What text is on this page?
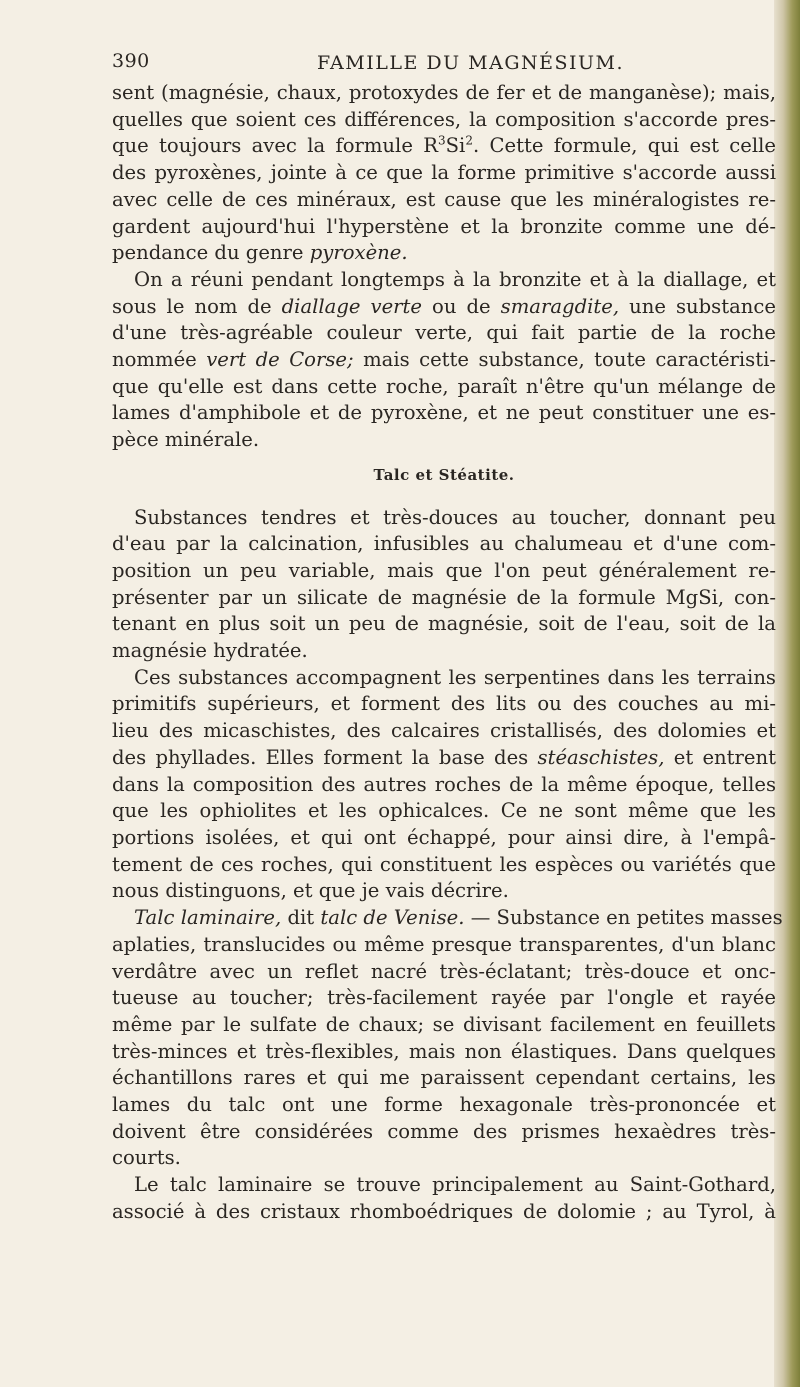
390	FAMILLE DU MAGNÉSIUM.
sent (magnésie, chaux, protoxydes de fer et de manganèse); mais,
quelles que soient ces différences, la composition s'accorde pres-
que toujours avec la formule $R^3Si^2$. Cette formule, qui est celle
des pyroxènes, jointe à ce que la forme primitive s'accorde aussi
avec celle de ces minéraux, est cause que les minéralogistes re-
gardent aujourd'hui l'hyperstène et la bronzite comme une dé-
pendance du genre pyroxène.
On a réuni pendant longtemps à la bronzite et à la diallage, et
sous le nom de diallage verte ou de smaragdite, une substance
d'une très-agréable couleur verte, qui fait partie de la roche
nommée vert de Corse; mais cette substance, toute caractéristi-
que qu'elle est dans cette roche, paraît n'être qu'un mélange de
lames d'amphibole et de pyroxène, et ne peut constituer une es-
pèce minérale.
Talc et Stéatite.
Substances tendres et très-douces au toucher, donnant peu
d'eau par la calcination, infusibles au chalumeau et d'une com-
position un peu variable, mais que l'on peut généralement re-
présenter par un silicate de magnésie de la formule MgSi, con-
tenant en plus soit un peu de magnésie, soit de l'eau, soit de la
magnésie hydratée.
Ces substances accompagnent les serpentines dans les terrains
primitifs supérieurs, et forment des lits ou des couches au mi-
lieu des micaschistes, des calcaires cristallisés, des dolomies et
des phyllades. Elles forment la base des stéaschistes, et entrent
dans la composition des autres roches de la même époque, telles
que les ophiolites et les ophicalces. Ce ne sont même que les
portions isolées, et qui ont échappé, pour ainsi dire, à l'empâ-
tement de ces roches, qui constituent les espèces ou variétés que
nous distinguons, et que je vais décrire.
Talc laminaire, dit talc de Venise. — Substance en petites masses
aplaties, translucides ou même presque transparentes, d'un blanc
verdâtre avec un reflet nacré très-éclatant; très-douce et onc-
tueuse au toucher; très-facilement rayée par l'ongle et rayée
même par le sulfate de chaux; se divisant facilement en feuillets
très-minces et très-flexibles, mais non élastiques. Dans quelques
échantillons rares et qui me paraissent cependant certains, les
lames du talc ont une forme hexagonale très-prononcée et
doivent être considérées comme des prismes hexaèdres très-
courts.
Le talc laminaire se trouve principalement au Saint-Gothard,
associé à des cristaux rhomboédriques de dolomie ; au Tyrol, à
